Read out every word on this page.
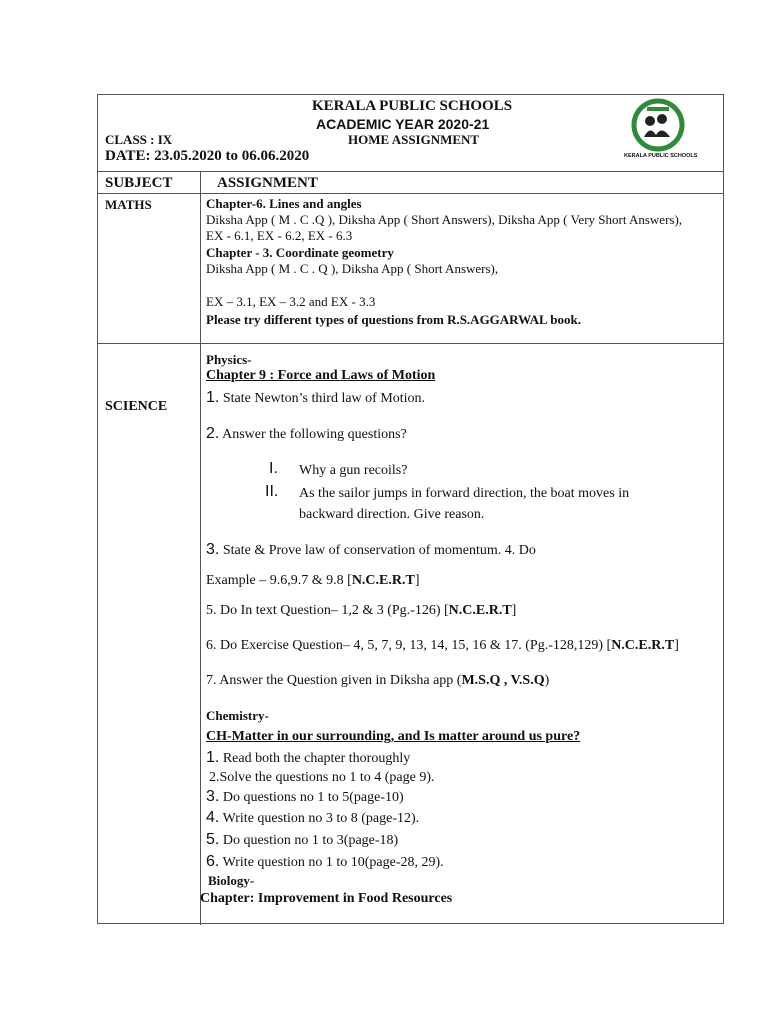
KERALA PUBLIC SCHOOLS
ACADEMIC YEAR 2020-21
CLASS : IX	HOME ASSIGNMENT
DATE: 23.05.2020 to 06.06.2020	KERALA PUBLIC SCHOOLS
SUBJECT	ASSIGNMENT
MATHS	Chapter-6. Lines and angles
Diksha App ( M . C .Q ), Diksha App ( Short Answers), Diksha App ( Very Short Answers),
EX - 6.1, EX - 6.2, EX - 6.3
Chapter - 3. Coordinate geometry
Diksha App ( M . C . Q ), Diksha App ( Short Answers),
EX – 3.1, EX – 3.2 and EX - 3.3
Please try different types of questions from R.S.AGGARWAL book.
SCIENCE
Physics-
Chapter 9 : Force and Laws of Motion
1. State Newton’s third law of Motion.
2. Answer the following questions?
I. Why a gun recoils?
II. As the sailor jumps in forward direction, the boat moves in
backward direction. Give reason.
3. State & Prove law of conservation of momentum. 4. Do
Example – 9.6,9.7 & 9.8 [N.C.E.R.T]
5. Do In text Question– 1,2 & 3 (Pg.-126) [N.C.E.R.T]
6. Do Exercise Question– 4, 5, 7, 9, 13, 14, 15, 16 & 17. (Pg.-128,129) [N.C.E.R.T]
7. Answer the Question given in Diksha app (M.S.Q , V.S.Q)
Chemistry-
CH-Matter in our surrounding, and Is matter around us pure?
1. Read both the chapter thoroughly
2.Solve the questions no 1 to 4 (page 9).
3. Do questions no 1 to 5(page-10)
4. Write question no 3 to 8 (page-12).
5. Do question no 1 to 3(page-18)
6. Write question no 1 to 10(page-28, 29).
Biology-
Chapter: Improvement in Food Resources
